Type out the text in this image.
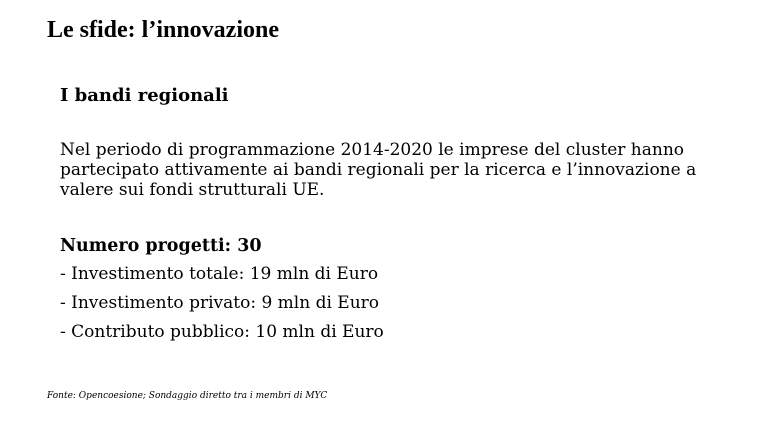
Le sfide: l’innovazione

I bandi regionali

Nel periodo di programmazione 2014-2020 le imprese del cluster hanno partecipato attivamente ai bandi regionali per la ricerca e l’innovazione a valere sui fondi strutturali UE.

Numero progetti: 30

- Investimento totale: 19 mln di Euro
- Investimento privato: 9 mln di Euro
- Contributo pubblico: 10 mln di Euro
Fonte: Opencoesione; Sondaggio diretto tra i membri di MYC
